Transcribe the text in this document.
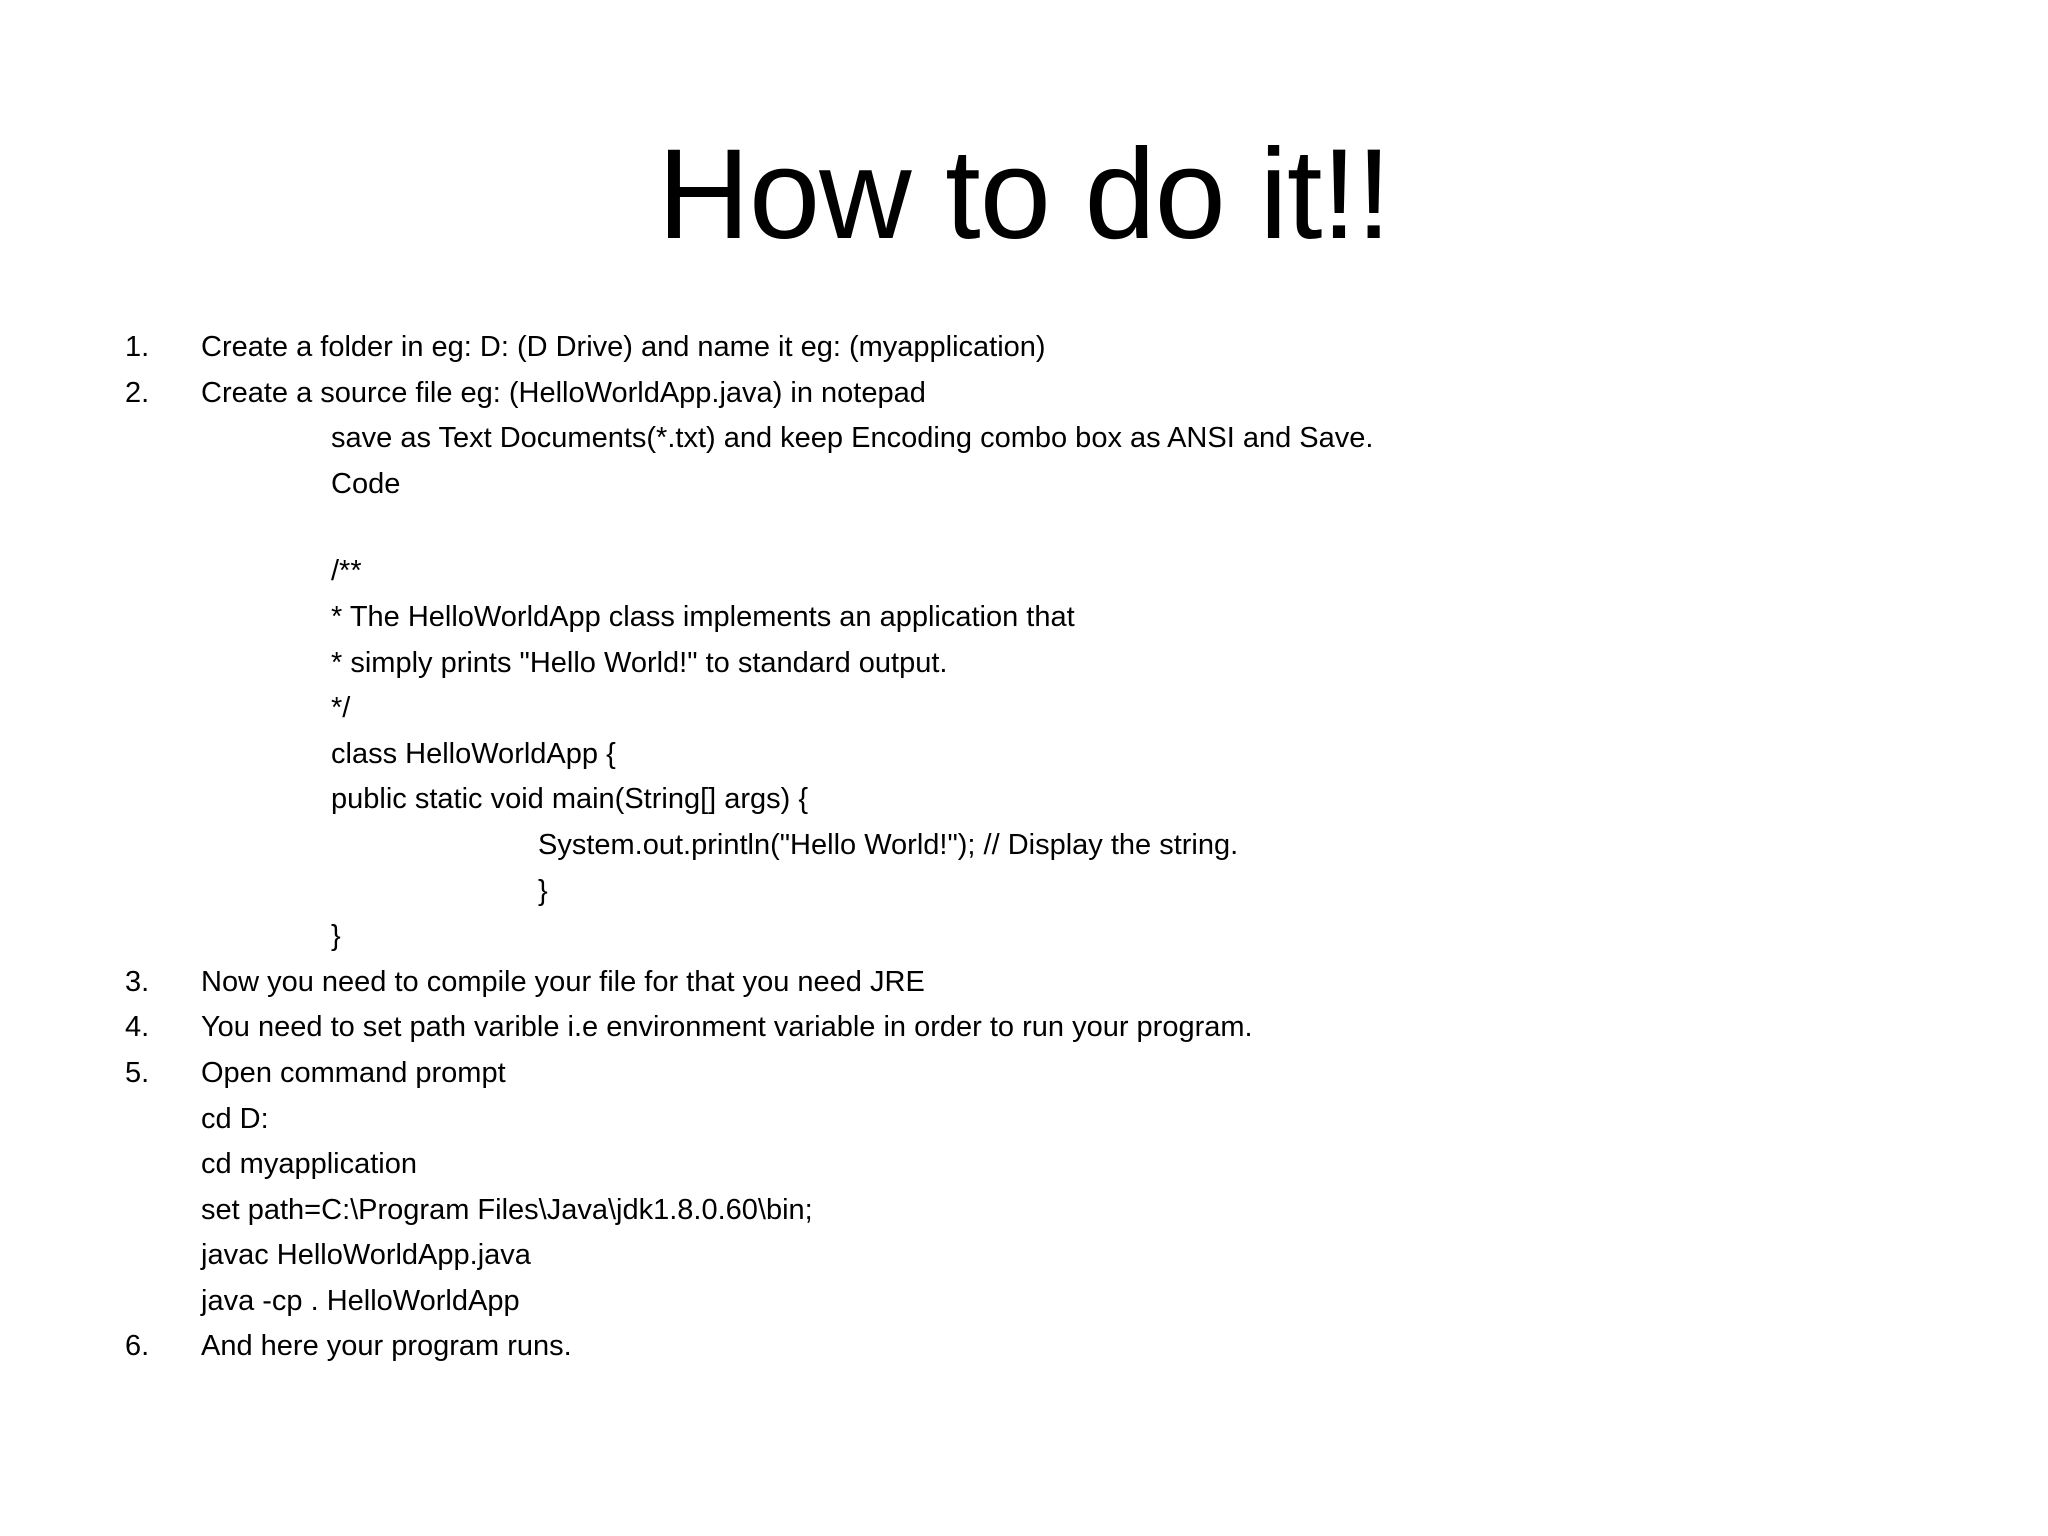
How to do it!!
1. Create a folder in eg: D: (D Drive) and name it eg: (myapplication)
2. Create a source file eg: (HelloWorldApp.java) in notepad
save as Text Documents(*.txt) and keep Encoding combo box as ANSI and Save.
Code
/**
* The HelloWorldApp class implements an application that
* simply prints "Hello World!" to standard output.
*/
class HelloWorldApp {
public static void main(String[] args) {
System.out.println("Hello World!"); // Display the string.
}
}
3. Now you need to compile your file for that you need JRE
4. You need to set path varible i.e environment variable in order to run your program.
5. Open command prompt
cd D:
cd myapplication
set path=C:\Program Files\Java\jdk1.8.0.60\bin;
javac HelloWorldApp.java
java -cp . HelloWorldApp
6. And here your program runs.
